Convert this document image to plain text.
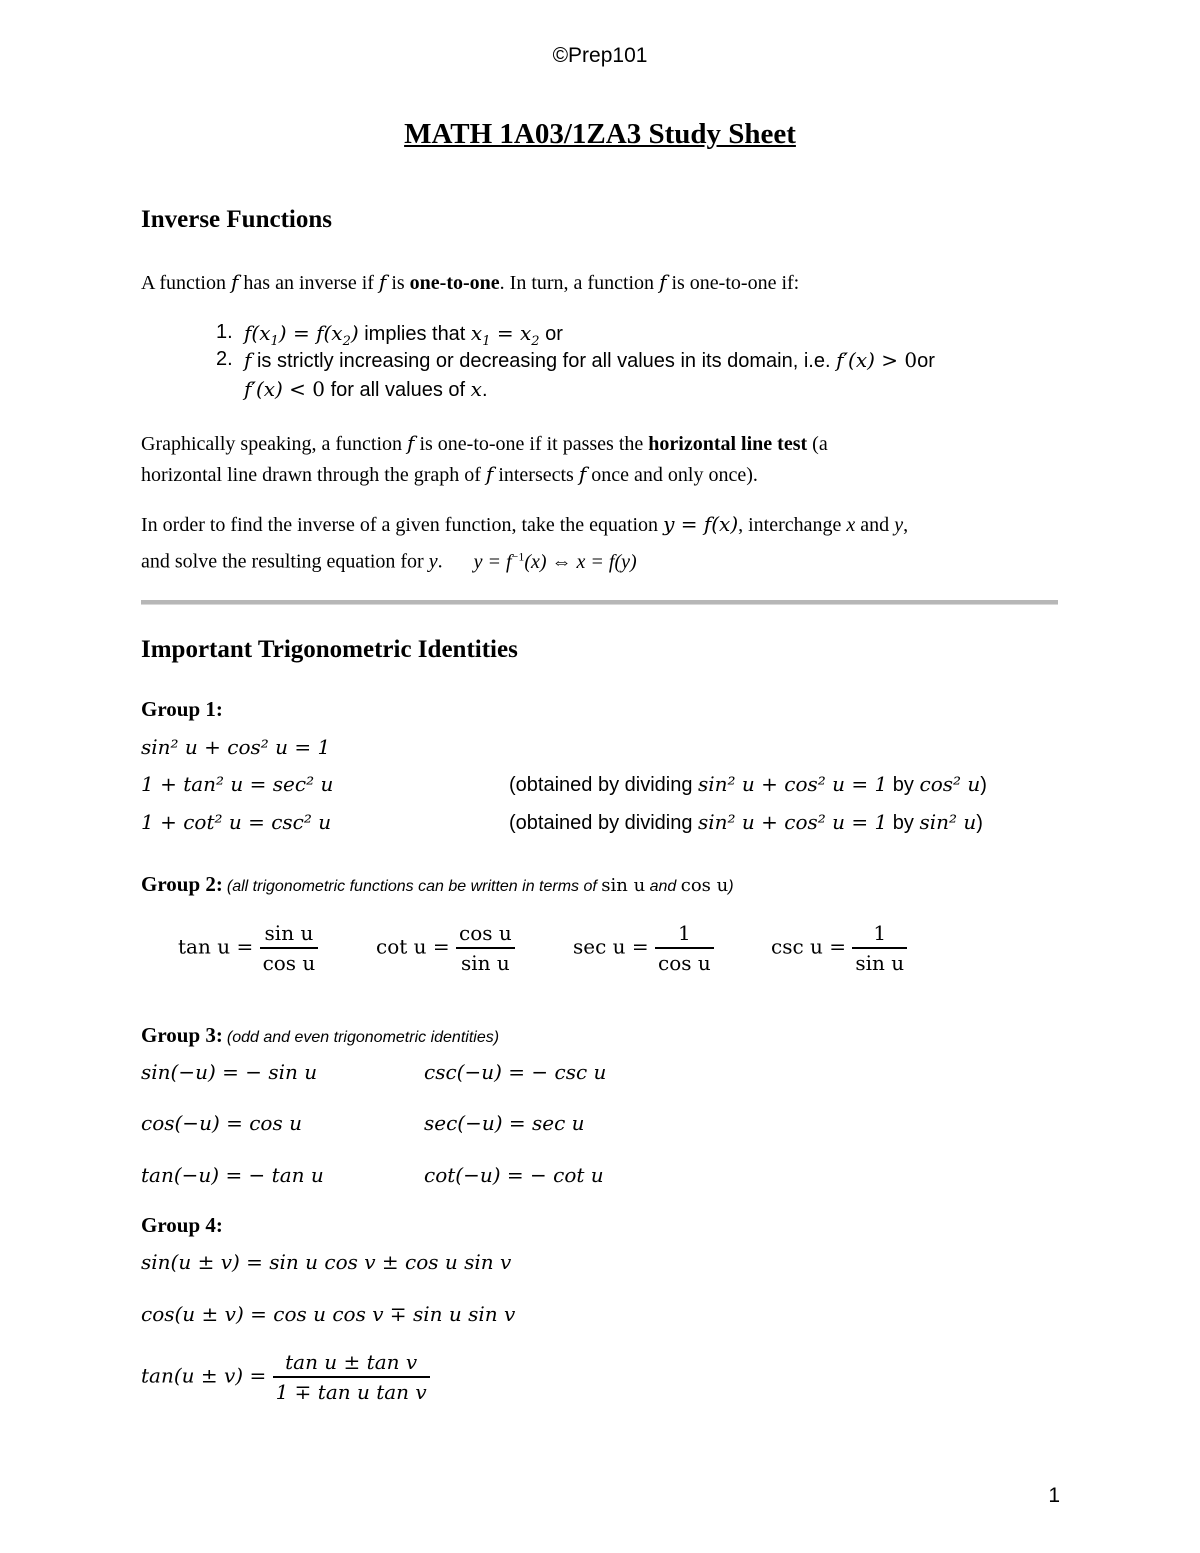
©Prep101
MATH 1A03/1ZA3 Study Sheet
Inverse Functions
A function f has an inverse if f is one-to-one. In turn, a function f is one-to-one if:
1. $f(x_1) = f(x_2)$ implies that $x_1 = x_2$ or
2. f is strictly increasing or decreasing for all values in its domain, i.e. f′(x) > 0or
f′(x) < 0 for all values of x.
Graphically speaking, a function f is one-to-one if it passes the horizontal line test (a
horizontal line drawn through the graph of f intersects f once and only once).
In order to find the inverse of a given function, take the equation y = f(x), interchange x and y,
and solve the resulting equation for y. $y = f^{-1}(x)$ ⇔ x = f(y)
Important Trigonometric Identities
Group 1:
sin² u + cos² u = 1
1 + tan² u = sec² u	(obtained by dividing sin² u + cos² u = 1 by cos² u)
1 + cot² u = csc² u	(obtained by dividing sin² u + cos² u = 1 by sin² u)
Group 2: (all trigonometric functions can be written in terms of sin u and cos u)
$\tan u = \frac{\text{sin u}}{\text{cos u}}$	$\cot u = \frac{\text{cos u}}{\text{sin u}}$	$\sec u = \frac{1}{\text{cos u}}$	$\csc u = \frac{1}{\text{sin u}}$
Group 3: (odd and even trigonometric identities)
sin(−u) = − sin u	csc(−u) = − csc u
cos(−u) = cos u	sec(−u) = sec u
tan(−u) = − tan u	cot(−u) = − cot u
Group 4:
sin(u ± v) = sin u cos v ± cos u sin v
cos(u ± v) = cos u cos v ∓ sin u sin v
$\tan(u \pm v) = \frac{\text{tan u ± tan v}}{\text{1 ∓ tan u tan v}}$
1
